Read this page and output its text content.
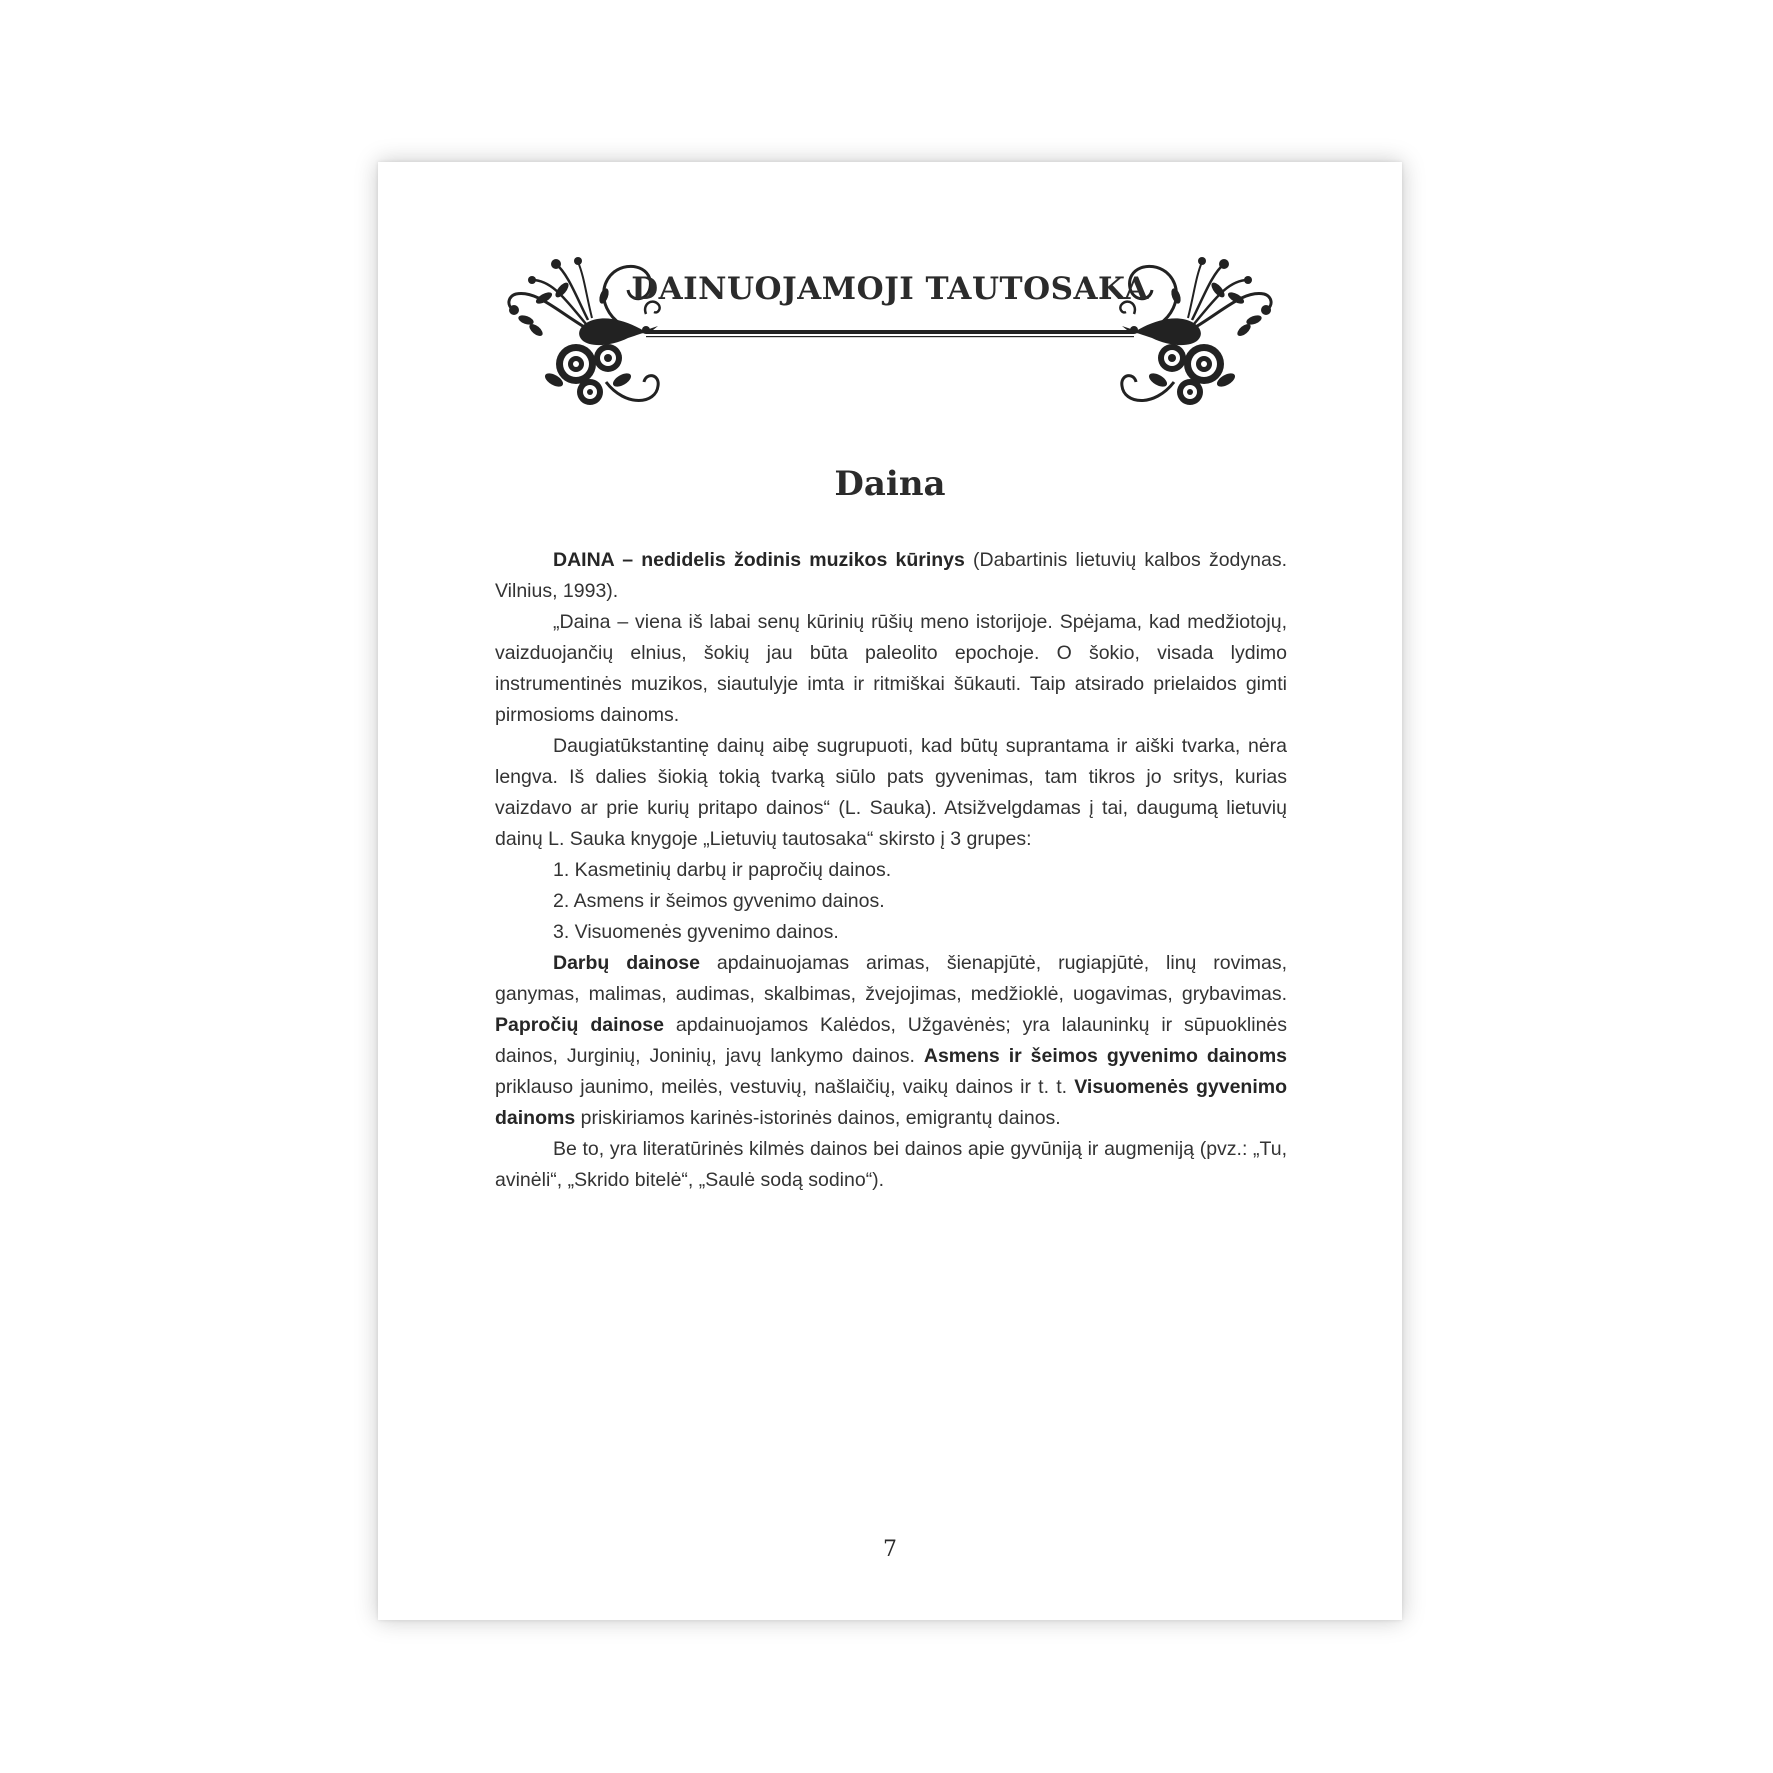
DAINUOJAMOJI TAUTOSAKA
Daina

DAINA – nedidelis žodinis muzikos kūrinys (Dabartinis lietuvių kalbos žodynas. Vilnius, 1993).

„Daina – viena iš labai senų kūrinių rūšių meno istorijoje. Spėjama, kad medžiotojų, vaizduojančių elnius, šokių jau būta paleolito epochoje. O šokio, visada lydimo instrumentinės muzikos, siautulyje imta ir ritmiškai šūkauti. Taip atsirado prielaidos gimti pirmosioms dainoms.

Daugiatūkstantinę dainų aibę sugrupuoti, kad būtų suprantama ir aiški tvarka, nėra lengva. Iš dalies šiokią tokią tvarką siūlo pats gyvenimas, tam tikros jo sritys, kurias vaizdavo ar prie kurių pritapo dainos“ (L. Sauka). Atsižvelgdamas į tai, daugumą lietuvių dainų L. Sauka knygoje „Lietuvių tautosaka“ skirsto į 3 grupes:

1. Kasmetinių darbų ir papročių dainos.

2. Asmens ir šeimos gyvenimo dainos.

3. Visuomenės gyvenimo dainos.

Darbų dainose apdainuojamas arimas, šienapjūtė, rugiapjūtė, linų rovimas, ganymas, malimas, audimas, skalbimas, žvejojimas, medžioklė, uogavimas, grybavimas. Papročių dainose apdainuojamos Kalėdos, Užgavėnės; yra lalauninkų ir sūpuoklinės dainos, Jurginių, Joninių, javų lankymo dainos. Asmens ir šeimos gyvenimo dainoms priklauso jaunimo, meilės, vestuvių, našlaičių, vaikų dainos ir t. t. Visuomenės gyvenimo dainoms priskiriamos karinės-istorinės dainos, emigrantų dainos.

Be to, yra literatūrinės kilmės dainos bei dainos apie gyvūniją ir augmeniją (pvz.: „Tu, avinėli“, „Skrido bitelė“, „Saulė sodą sodino“).

7
